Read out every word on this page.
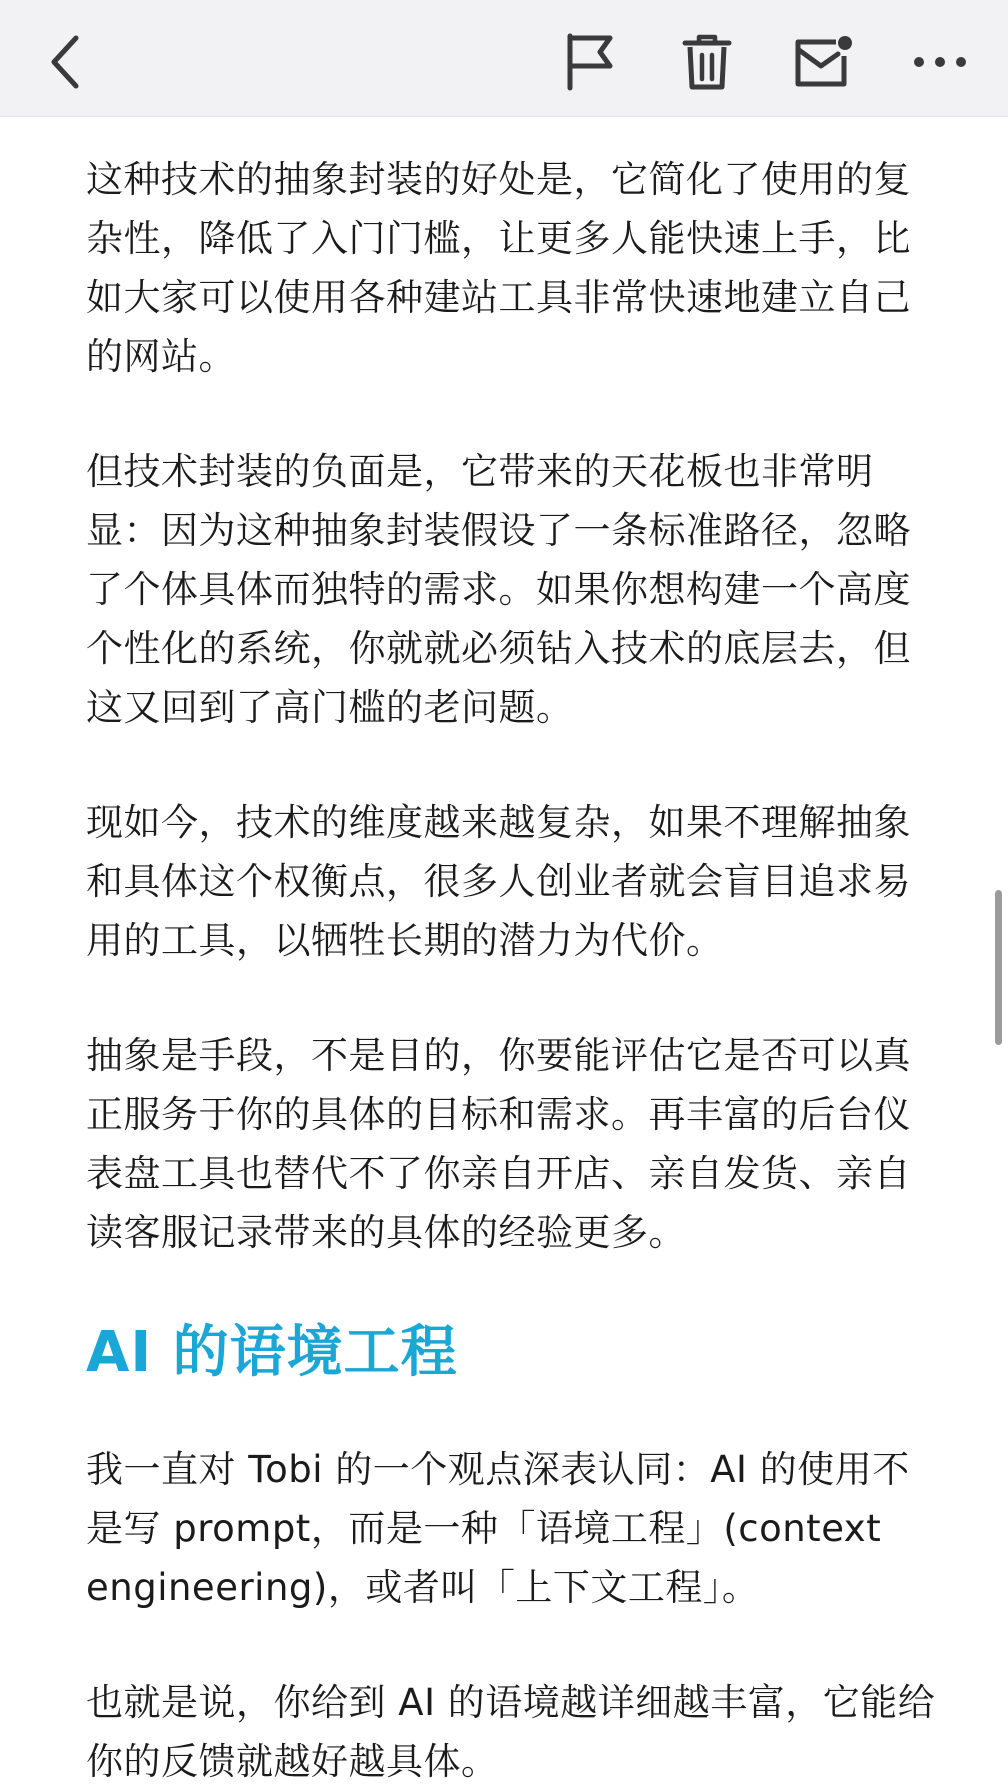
这种技术的抽象封装的好处是，它简化了使用的复杂性，降低了入门门槛，让更多人能快速上手，比如大家可以使用各种建站工具非常快速地建立自己的网站。

但技术封装的负面是，它带来的天花板也非常明显：因为这种抽象封装假设了一条标准路径，忽略了个体具体而独特的需求。如果你想构建一个高度个性化的系统，你就就必须钻入技术的底层去，但这又回到了高门槛的老问题。

现如今，技术的维度越来越复杂，如果不理解抽象和具体这个权衡点，很多人创业者就会盲目追求易用的工具，以牺牲长期的潜力为代价。

抽象是手段，不是目的，你要能评估它是否可以真正服务于你的具体的目标和需求。再丰富的后台仪表盘工具也替代不了你亲自开店、亲自发货、亲自读客服记录带来的具体的经验更多。

AI 的语境工程

我一直对 Tobi 的一个观点深表认同：AI 的使用不是写 prompt，而是一种「语境工程」(context engineering)，或者叫「上下文工程」。

也就是说，你给到 AI 的语境越详细越丰富，它能给你的反馈就越好越具体。
